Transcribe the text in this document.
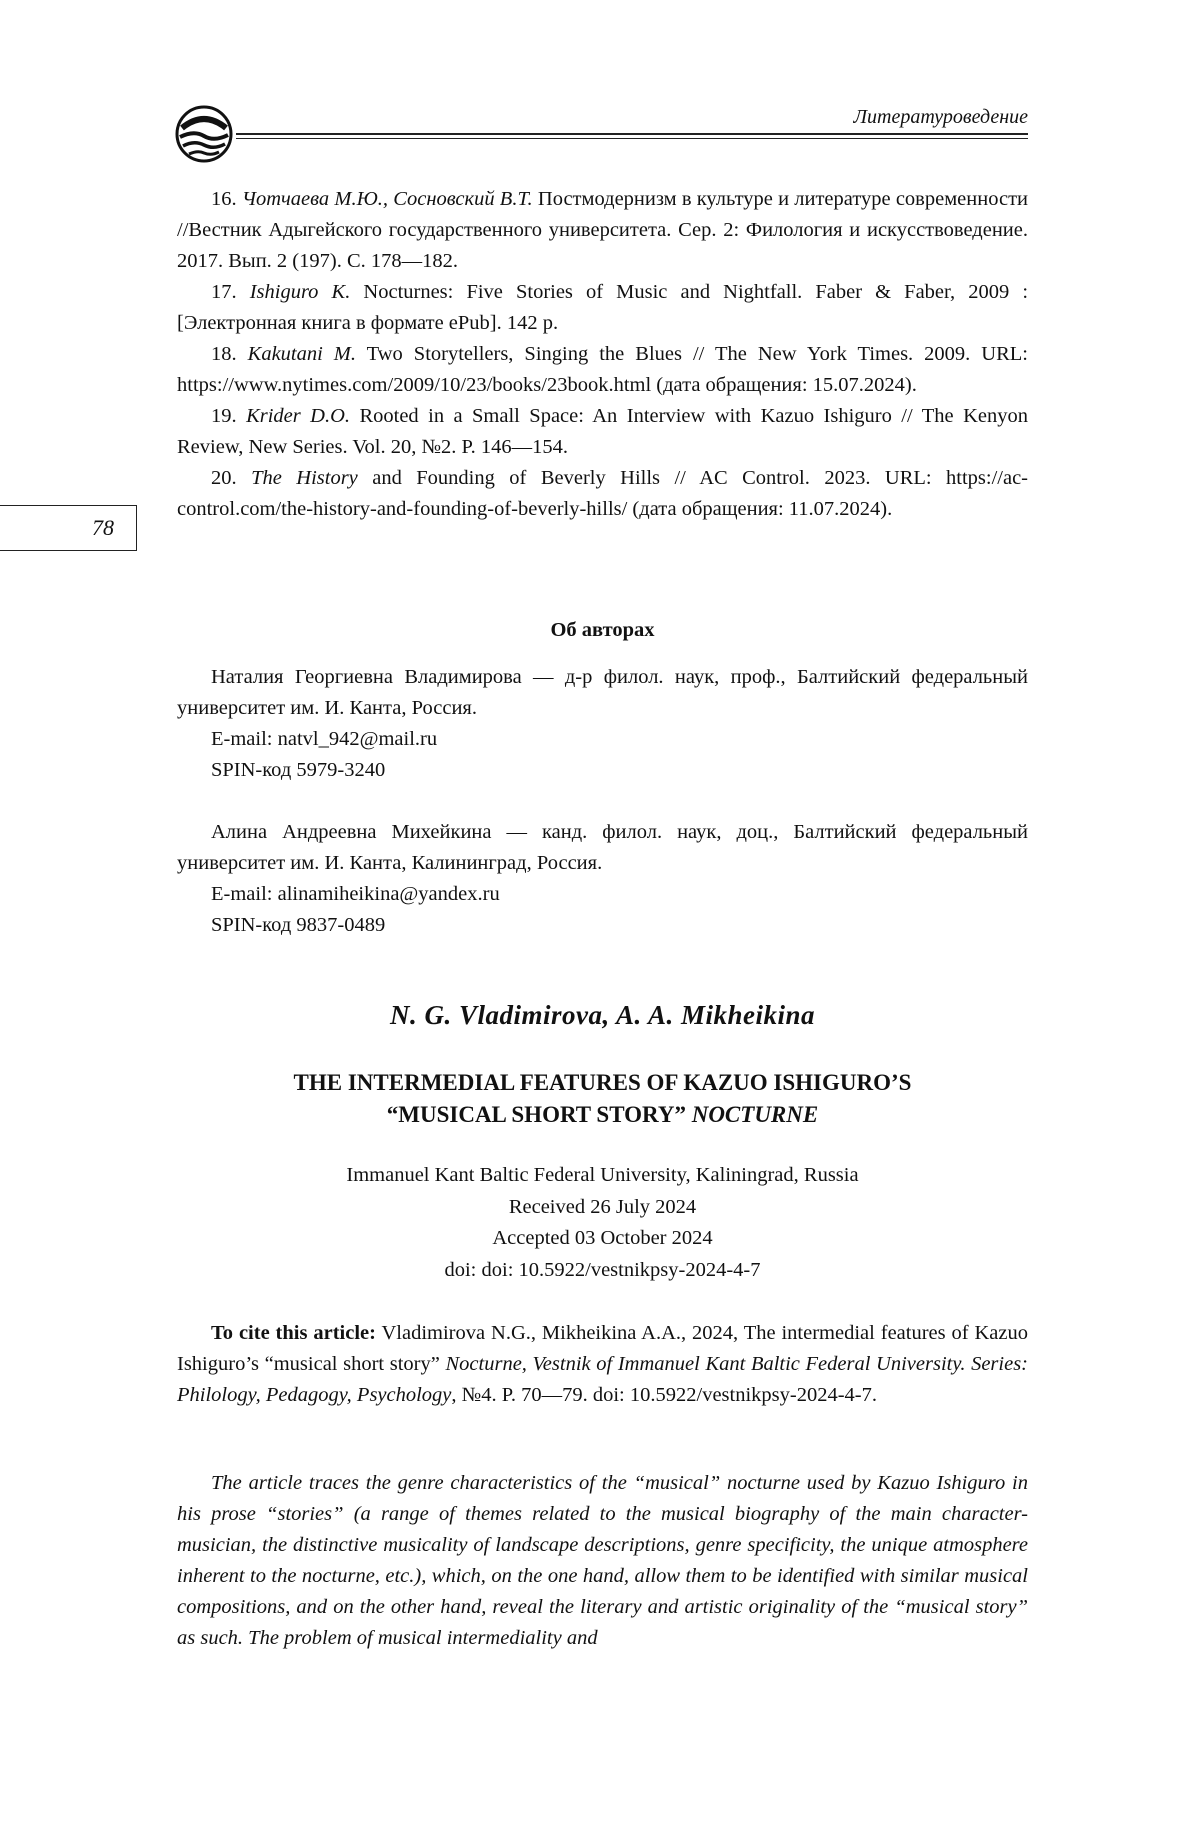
Литературоведение
78

16. Чотчаева М.Ю., Сосновский В.Т. Постмодернизм в культуре и литературе современности //Вестник Адыгейского государственного университета. Сер. 2: Филология и искусствоведение. 2017. Вып. 2 (197). С. 178—182.

17. Ishiguro K. Nocturnes: Five Stories of Music and Nightfall. Faber & Faber, 2009 : [Электронная книга в формате ePub]. 142 p.

18. Kakutani M. Two Storytellers, Singing the Blues // The New York Times. 2009. URL: https://www.nytimes.com/2009/10/23/books/23book.html (дата обращения: 15.07.2024).

19. Krider D.O. Rooted in a Small Space: An Interview with Kazuo Ishiguro // The Kenyon Review, New Series. Vol. 20, №2. P. 146—154.

20. The History and Founding of Beverly Hills // AC Control. 2023. URL: https://ac-control.com/the-history-and-founding-of-beverly-hills/ (дата обращения: 11.07.2024).

Об авторах

Наталия Георгиевна Владимирова — д-р филол. наук, проф., Балтийский федеральный университет им. И. Канта, Россия.

E-mail: natvl_942@mail.ru

SPIN-код 5979-3240

Алина Андреевна Михейкина — канд. филол. наук, доц., Балтийский федеральный университет им. И. Канта, Калининград, Россия.

E-mail: alinamiheikina@yandex.ru

SPIN-код 9837-0489

N. G. Vladimirova, A. A. Mikheikina
THE INTERMEDIAL FEATURES OF KAZUO ISHIGURO’S
“MUSICAL SHORT STORY” NOCTURNE
Immanuel Kant Baltic Federal University, Kaliningrad, Russia
Received 26 July 2024
Accepted 03 October 2024
doi: doi: 10.5922/vestnikpsy-2024-4-7

To cite this article: Vladimirova N.G., Mikheikina A.A., 2024, The intermedial features of Kazuo Ishiguro’s “musical short story” Nocturne, Vestnik of Immanuel Kant Baltic Federal University. Series: Philology, Pedagogy, Psychology, №4. P. 70—79. doi: 10.5922/vestnikpsy-2024-4-7.

The article traces the genre characteristics of the “musical” nocturne used by Kazuo Ishiguro in his prose “stories” (a range of themes related to the musical biography of the main character-musician, the distinctive musicality of landscape descriptions, genre specificity, the unique atmosphere inherent to the nocturne, etc.), which, on the one hand, allow them to be identified with similar musical compositions, and on the other hand, reveal the literary and artistic originality of the “musical story” as such. The problem of musical intermediality and
